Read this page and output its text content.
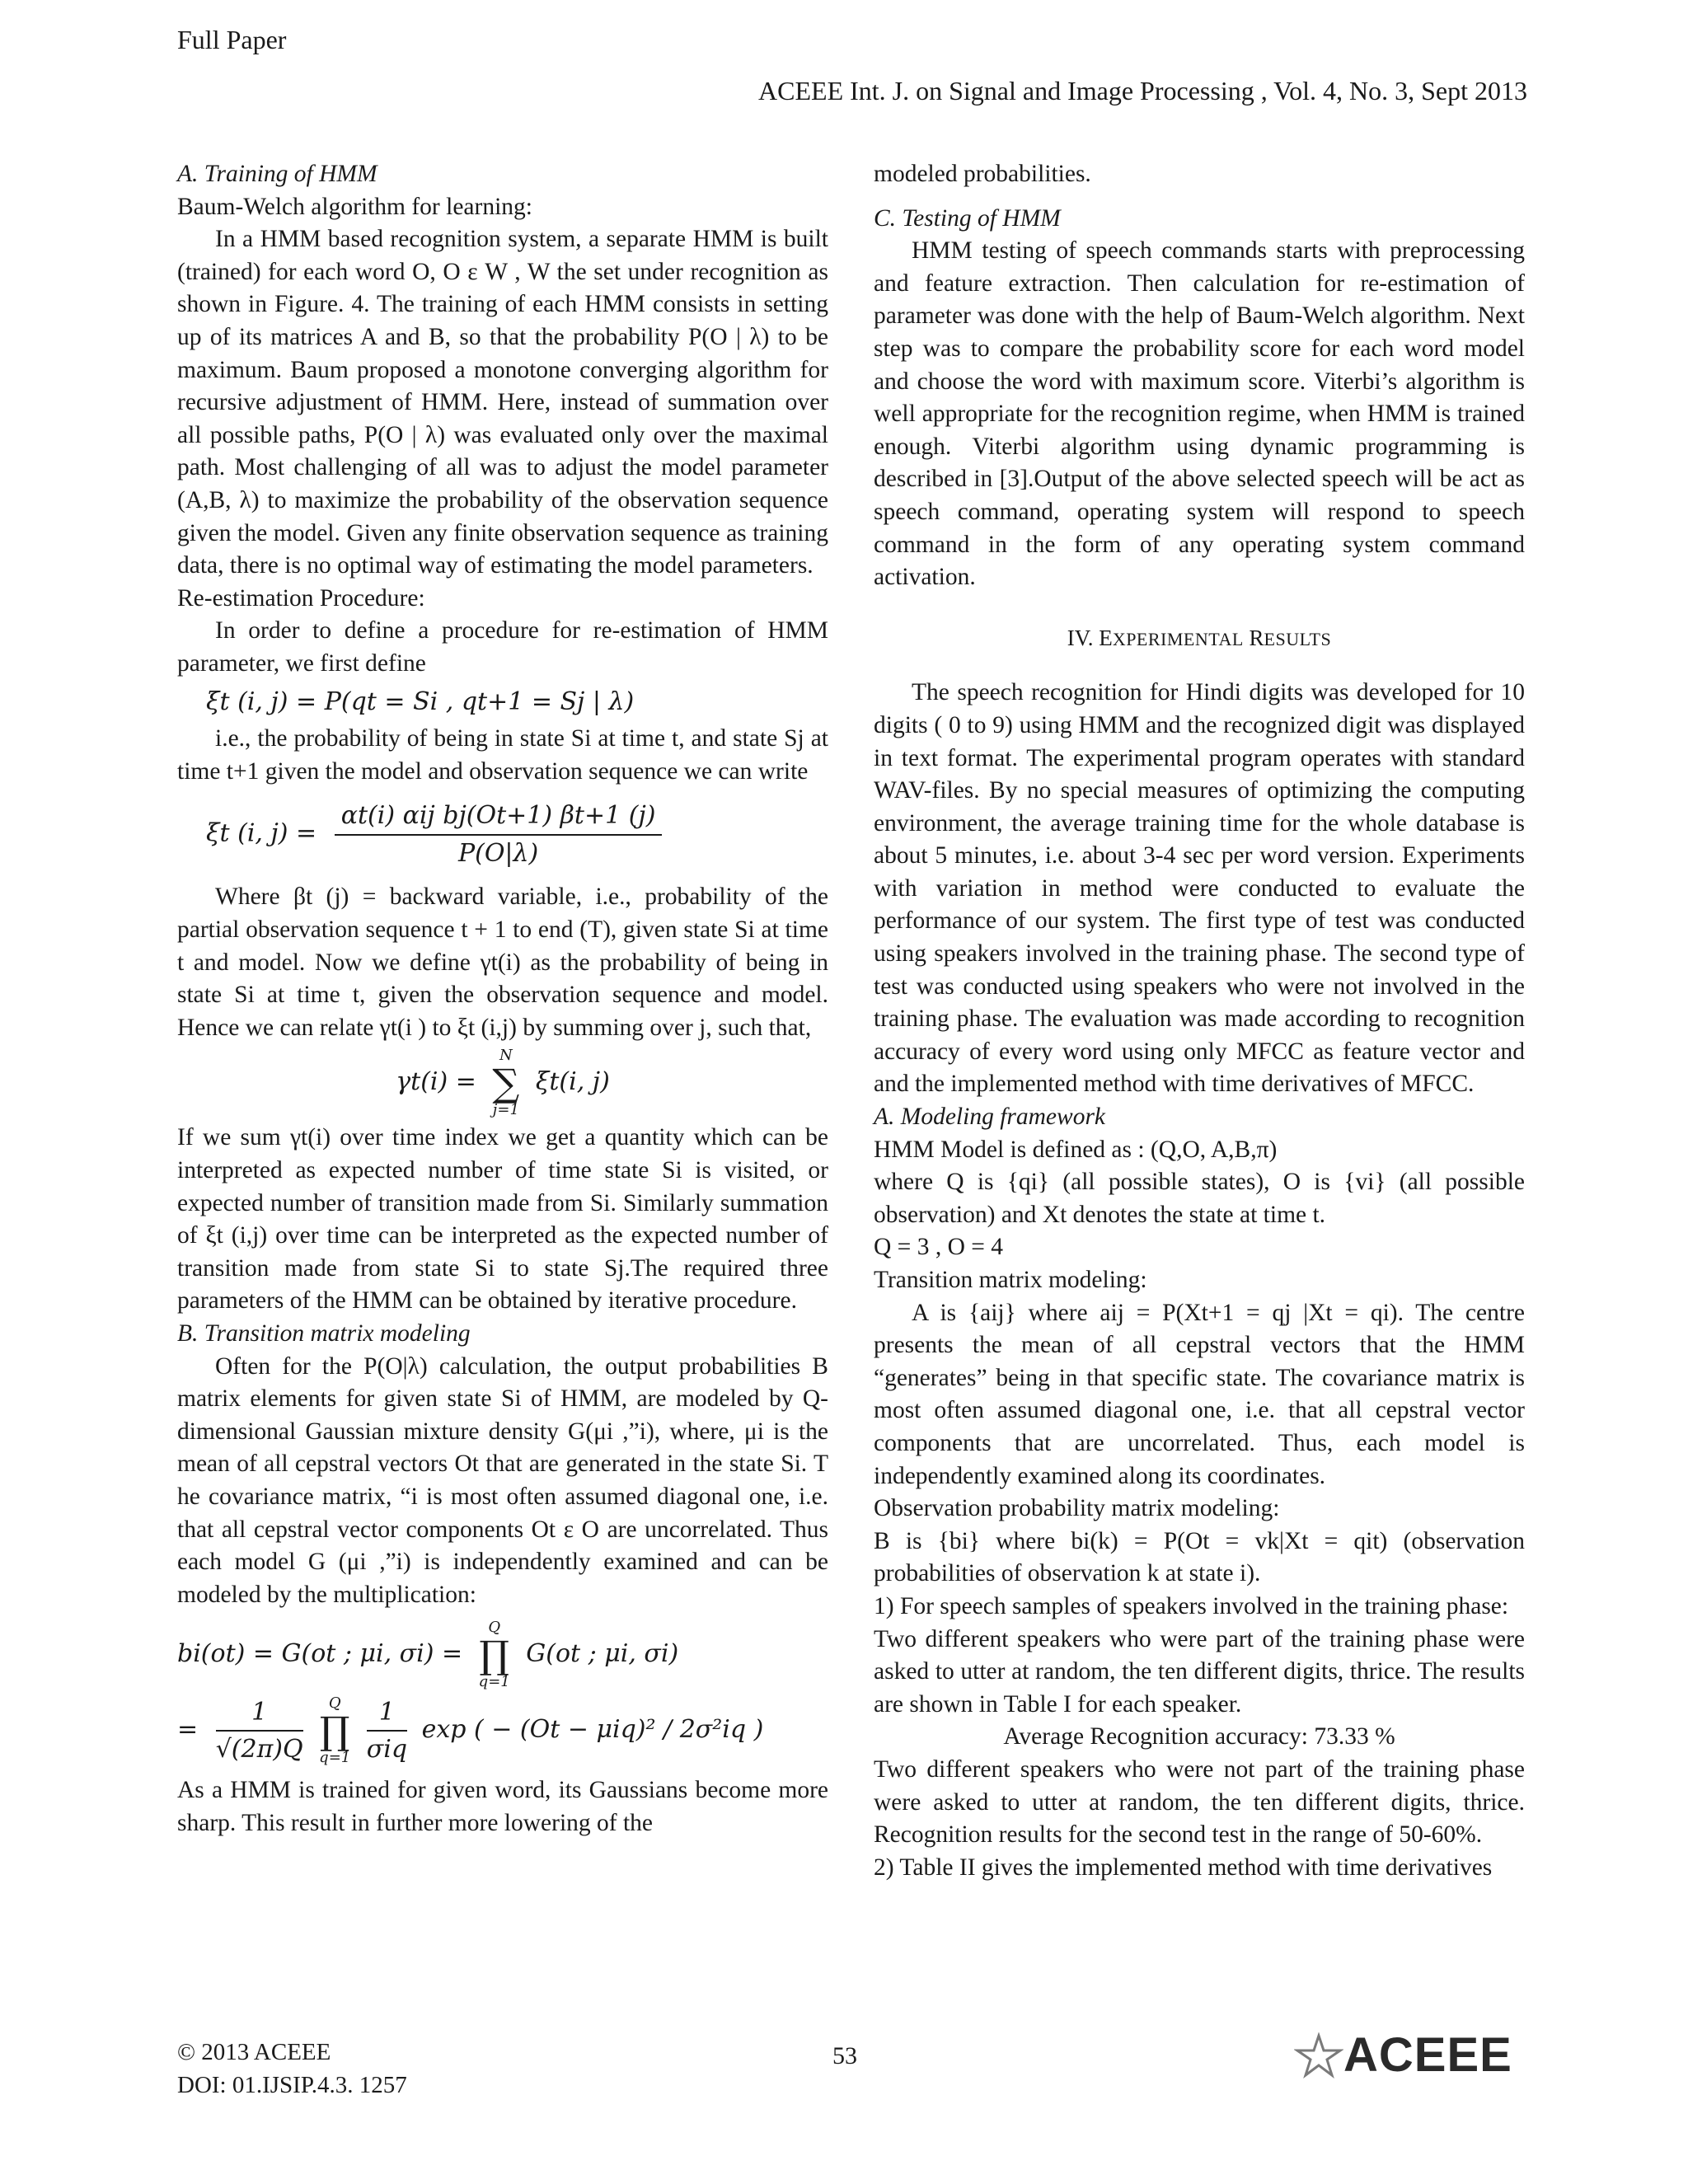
Full Paper
ACEEE Int. J. on Signal and Image Processing , Vol. 4, No. 3, Sept 2013

A. Training of HMM

Baum-Welch algorithm for learning:

In a HMM based recognition system, a separate HMM is built (trained) for each word O, O ε W , W the set under recognition as shown in Figure. 4. The training of each HMM consists in setting up of its matrices A and B, so that the probability P(O | λ) to be maximum. Baum proposed a monotone converging algorithm for recursive adjustment of HMM. Here, instead of summation over all possible paths, P(O | λ) was evaluated only over the maximal path. Most challenging of all was to adjust the model parameter (A,B, λ) to maximize the probability of the observation sequence given the model. Given any finite observation sequence as training data, there is no optimal way of estimating the model parameters.

Re-estimation Procedure:

In order to define a procedure for re-estimation of HMM parameter, we first define

ξt (i, j) = P(qt = Si , qt+1 = Sj | λ)

i.e., the probability of being in state Si at time t, and state Sj at time t+1 given the model and observation sequence we can write

ξt (i, $j) = \frac{\text{αt(i) αij bj(Ot+1) βt+1 (j)}}{P(O|\lambda)}$

Where βt (j) = backward variable, i.e., probability of the partial observation sequence t + 1 to end (T), given state Si at time t and model. Now we define γt(i) as the probability of being in state Si at time t, given the observation sequence and model. Hence we can relate γt(i ) to ξt (i,j) by summing over j, such that,

γt(i) =
N
∑
j=1
ξt(i, j)

If we sum γt(i) over time index we get a quantity which can be interpreted as expected number of time state Si is visited, or expected number of transition made from Si. Similarly summation of ξt (i,j) over time can be interpreted as the expected number of transition made from state Si to state Sj.The required three parameters of the HMM can be obtained by iterative procedure.

B. Transition matrix modeling

Often for the P(O|λ) calculation, the output probabilities B matrix elements for given state Si of HMM, are modeled by Q-dimensional Gaussian mixture density G(μi ,”i), where, μi is the mean of all cepstral vectors Ot that are generated in the state Si. T he covariance matrix, “i is most often assumed diagonal one, i.e. that all cepstral vector components Ot ε O are uncorrelated. Thus each model G (μi ,”i) is independently examined and can be modeled by the multiplication:

bi(ot) = G(ot ; μi, σi) =
Q
∏
q=1
G(ot ; μi, σi)
= $\frac{1}{√(2\pi)Q}$
Q
∏
q=1
$\frac{1}{\text{σiq}}$ exp ( − (Ot − μiq)² / 2σ²iq )

As a HMM is trained for given word, its Gaussians become more sharp. This result in further more lowering of the

modeled probabilities.

C. Testing of HMM

HMM testing of speech commands starts with preprocessing and feature extraction. Then calculation for re-estimation of parameter was done with the help of Baum-Welch algorithm. Next step was to compare the probability score for each word model and choose the word with maximum score. Viterbi’s algorithm is well appropriate for the recognition regime, when HMM is trained enough. Viterbi algorithm using dynamic programming is described in [3].Output of the above selected speech will be act as speech command, operating system will respond to speech command in the form of any operating system command activation.

IV. EXPERIMENTAL RESULTS

The speech recognition for Hindi digits was developed for 10 digits ( 0 to 9) using HMM and the recognized digit was displayed in text format. The experimental program operates with standard WAV-files. By no special measures of optimizing the computing environment, the average training time for the whole database is about 5 minutes, i.e. about 3-4 sec per word version. Experiments with variation in method were conducted to evaluate the performance of our system. The first type of test was conducted using speakers involved in the training phase. The second type of test was conducted using speakers who were not involved in the training phase. The evaluation was made according to recognition accuracy of every word using only MFCC as feature vector and and the implemented method with time derivatives of MFCC.

A. Modeling framework

HMM Model is defined as : (Q,O, A,B,π)

where Q is {qi} (all possible states), O is {vi} (all possible observation) and Xt denotes the state at time t.

Q = 3 , O = 4

Transition matrix modeling:

A is {aij} where aij = P(Xt+1 = qj |Xt = qi). The centre presents the mean of all cepstral vectors that the HMM “generates” being in that specific state. The covariance matrix is most often assumed diagonal one, i.e. that all cepstral vector components that are uncorrelated. Thus, each model is independently examined along its coordinates.

Observation probability matrix modeling:

B is {bi} where bi(k) = P(Ot = vk|Xt = qit) (observation probabilities of observation k at state i).

1) For speech samples of speakers involved in the training phase:

Two different speakers who were part of the training phase were asked to utter at random, the ten different digits, thrice. The results are shown in Table I for each speaker.

Average Recognition accuracy: 73.33 %

Two different speakers who were not part of the training phase were asked to utter at random, the ten different digits, thrice. Recognition results for the second test in the range of 50-60%.

2) Table II gives the implemented method with time derivatives

© 2013 ACEEE
DOI: 01.IJSIP.4.3. 1257
53	ACEEE
